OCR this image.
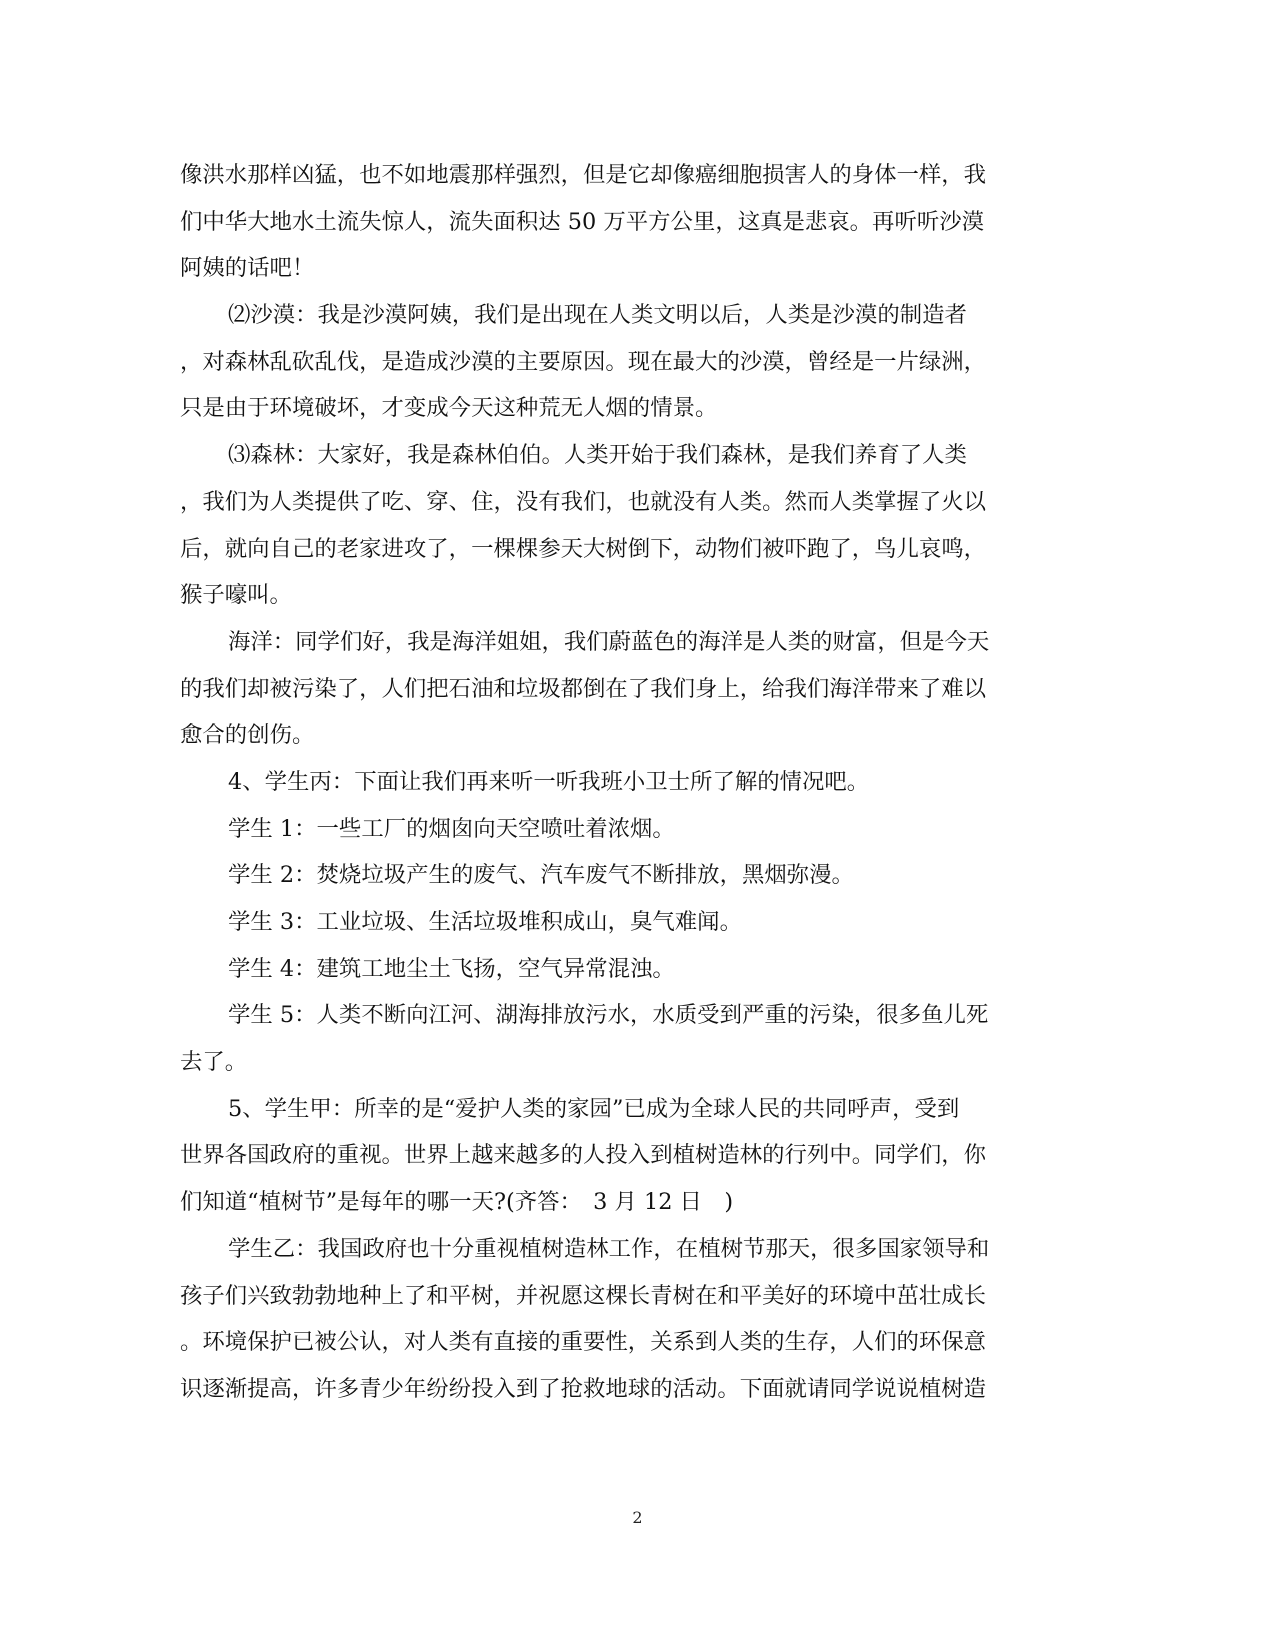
像洪水那样凶猛，也不如地震那样强烈，但是它却像癌细胞损害人的身体一样，我
们中华大地水土流失惊人，流失面积达 50 万平方公里，这真是悲哀。再听听沙漠
阿姨的话吧！
⑵沙漠：我是沙漠阿姨，我们是出现在人类文明以后，人类是沙漠的制造者
，对森林乱砍乱伐，是造成沙漠的主要原因。现在最大的沙漠，曾经是一片绿洲，
只是由于环境破坏，才变成今天这种荒无人烟的情景。
⑶森林：大家好，我是森林伯伯。人类开始于我们森林，是我们养育了人类
，我们为人类提供了吃、穿、住，没有我们，也就没有人类。然而人类掌握了火以
后，就向自己的老家进攻了，一棵棵参天大树倒下，动物们被吓跑了，鸟儿哀鸣，
猴子嚎叫。
海洋：同学们好，我是海洋姐姐，我们蔚蓝色的海洋是人类的财富，但是今天
的我们却被污染了，人们把石油和垃圾都倒在了我们身上，给我们海洋带来了难以
愈合的创伤。
4、学生丙：下面让我们再来听一听我班小卫士所了解的情况吧。
学生 1：一些工厂的烟囱向天空喷吐着浓烟。
学生 2：焚烧垃圾产生的废气、汽车废气不断排放，黑烟弥漫。
学生 3：工业垃圾、生活垃圾堆积成山，臭气难闻。
学生 4：建筑工地尘土飞扬，空气异常混浊。
学生 5：人类不断向江河、湖海排放污水，水质受到严重的污染，很多鱼儿死
去了。
5、学生甲：所幸的是“爱护人类的家园”已成为全球人民的共同呼声，受到
世界各国政府的重视。世界上越来越多的人投入到植树造林的行列中。同学们，你
们知道“植树节”是每年的哪一天?(齐答：　3 月 12 日　)
学生乙：我国政府也十分重视植树造林工作，在植树节那天，很多国家领导和
孩子们兴致勃勃地种上了和平树，并祝愿这棵长青树在和平美好的环境中茁壮成长
。环境保护已被公认，对人类有直接的重要性，关系到人类的生存，人们的环保意
识逐渐提高，许多青少年纷纷投入到了抢救地球的活动。下面就请同学说说植树造
2
